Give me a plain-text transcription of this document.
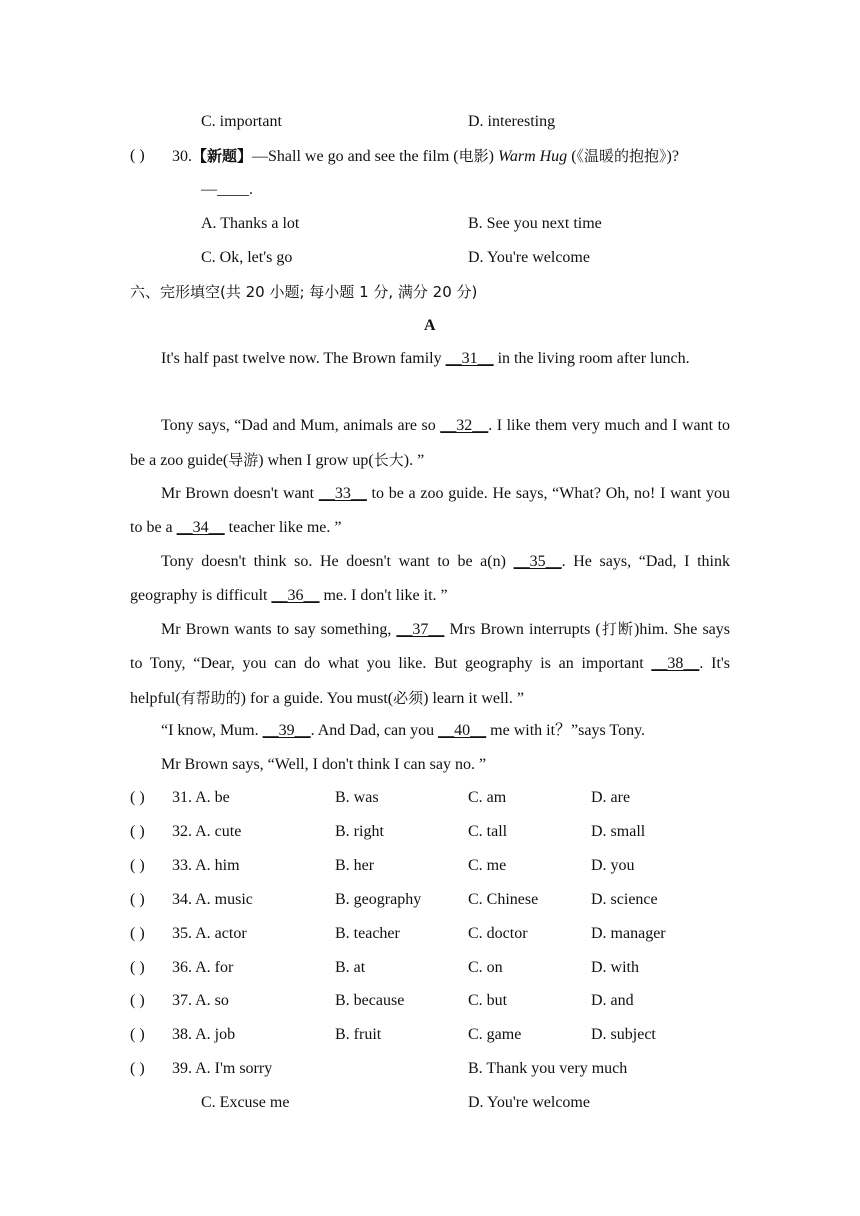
C. important	D. interesting
( ) 30.【新题】—Shall we go and see the film (电影) Warm Hug (《温暖的抱抱》)?
—____.
A. Thanks a lot	B. See you next time
C. Ok, let's go	D. You're welcome
六、完形填空(共 20 小题; 每小题 1 分, 满分 20 分)
A

It's half past twelve now. The Brown family __31__ in the living room after lunch.

Tony says, “Dad and Mum, animals are so __32__. I like them very much and I want to be a zoo guide(导游) when I grow up(长大). ”

Mr Brown doesn't want __33__ to be a zoo guide. He says, “What? Oh, no! I want you to be a __34__ teacher like me. ”

Tony doesn't think so. He doesn't want to be a(n) __35__. He says, “Dad, I think geography is difficult __36__ me. I don't like it. ”

Mr Brown wants to say something, __37__ Mrs Brown interrupts (打断)him. She says to Tony, “Dear, you can do what you like. But geography is an important __38__. It's helpful(有帮助的) for a guide. You must(必须) learn it well. ”

“I know, Mum. __39__. And Dad, can you __40__ me with it？”says Tony.

Mr Brown says, “Well, I don't think I can say no. ”

( ) 31. A. be	B. was	C. am	D. are
( ) 32. A. cute	B. right	C. tall	D. small
( ) 33. A. him	B. her	C. me	D. you
( ) 34. A. music	B. geography	C. Chinese	D. science
( ) 35. A. actor	B. teacher	C. doctor	D. manager
( ) 36. A. for	B. at	C. on	D. with
( ) 37. A. so	B. because	C. but	D. and
( ) 38. A. job	B. fruit	C. game	D. subject
( ) 39. A. I'm sorry	B. Thank you very much
C. Excuse me	D. You're welcome
